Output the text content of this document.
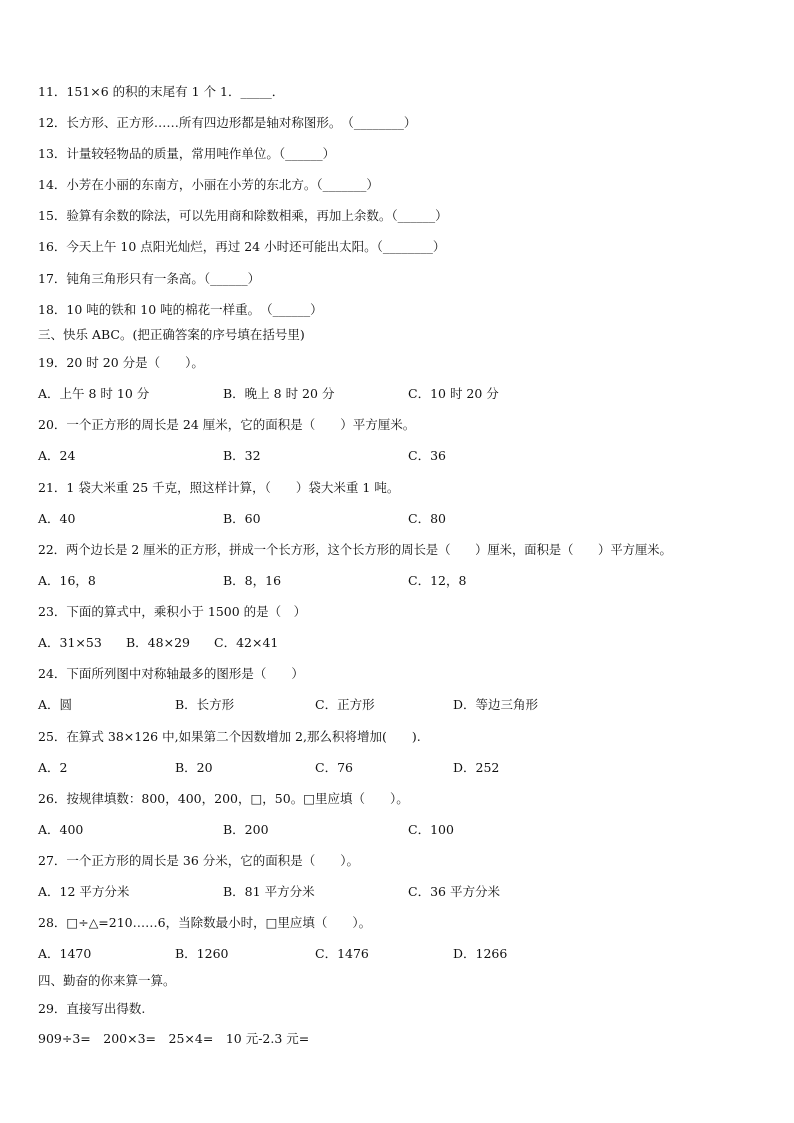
11．151×6 的积的末尾有 1 个 1．_____．
12．长方形、正方形……所有四边形都是轴对称图形。　（________）
13．计量较轻物品的质量，常用吨作单位。（______）
14．小芳在小丽的东南方，小丽在小芳的东北方。（_______）
15．验算有余数的除法，可以先用商和除数相乘，再加上余数。（______）
16．今天上午 10 点阳光灿烂，再过 24 小时还可能出太阳。（________）
17．钝角三角形只有一条高。（______）
18．10 吨的铁和 10 吨的棉花一样重。　（______）
三、快乐 ABC。(把正确答案的序号填在括号里)
19．20 时 20 分是（　　）。
A．上午 8 时 10 分	B．晚上 8 时 20 分	C．10 时 20 分
20．一个正方形的周长是 24 厘米，它的面积是（　　）平方厘米。
A．24	B．32	C．36
21．1 袋大米重 25 千克，照这样计算，（　　）袋大米重 1 吨。
A．40	B．60	C．80
22．两个边长是 2 厘米的正方形，拼成一个长方形，这个长方形的周长是（　　）厘米，面积是（　　）平方厘米。
A．16，8	B．8，16	C．12，8
23．下面的算式中，乘积小于 1500 的是（　）
A．31×53 B．48×29 C．42×41
24．下面所列图中对称轴最多的图形是（　　）
A．圆	B．长方形	C．正方形	D．等边三角形
25．在算式 38×126 中,如果第二个因数增加 2,那么积将增加(　　).
A．2	B．20	C．76	D．252
26．按规律填数：800，400，200，□，50。□里应填（　　）。
A．400	B．200	C．100
27．一个正方形的周长是 36 分米，它的面积是（　　）。
A．12 平方分米	B．81 平方分米	C．36 平方分米
28．□÷△=210……6，当除数最小时，□里应填（　　）。
A．1470	B．1260	C．1476	D．1266
四、勤奋的你来算一算。
29．直接写出得数.
909÷3=　200×3=　25×4=　10 元-2.3 元=
